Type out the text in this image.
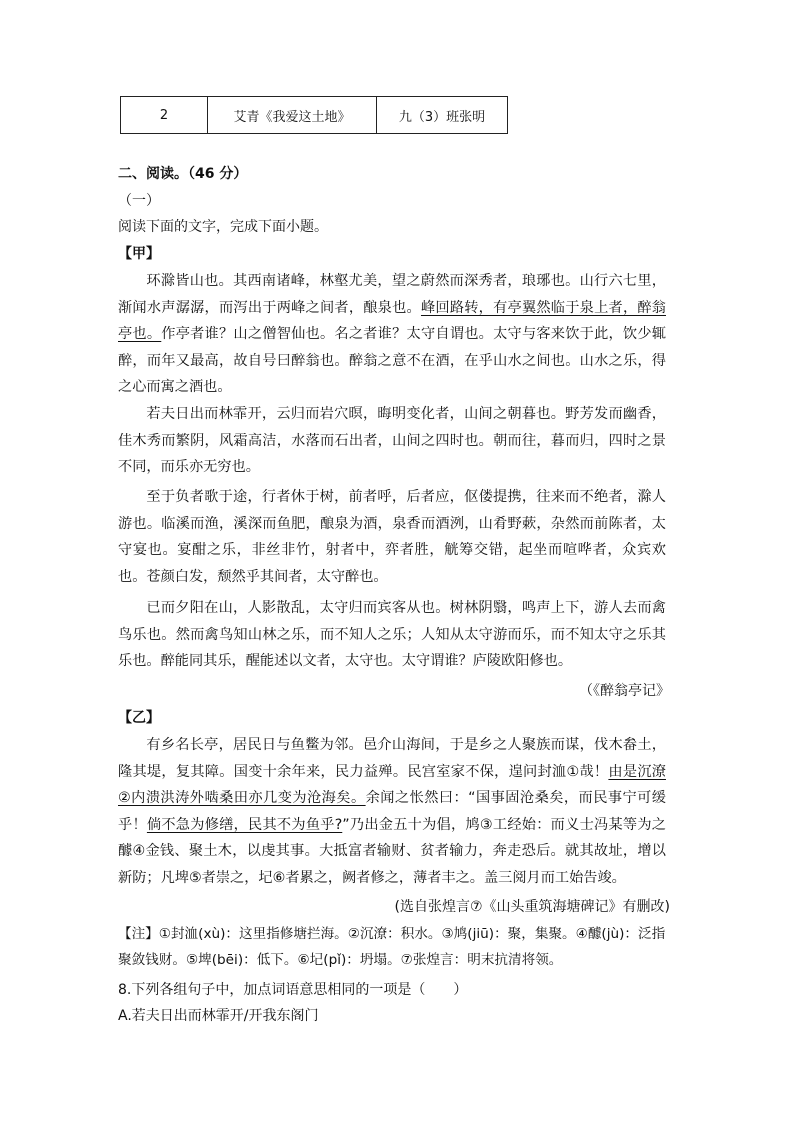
2	艾青《我爱这土地》	九（3）班张明
二、阅读。（46 分）
（一）
阅读下面的文字，完成下面小题。
【甲】
环滁皆山也。其西南诸峰，林壑尤美，望之蔚然而深秀者，琅琊也。山行六七里，渐闻水声潺潺，而泻出于两峰之间者，酿泉也。峰回路转，有亭翼然临于泉上者，醉翁亭也。作亭者谁？山之僧智仙也。名之者谁？太守自谓也。太守与客来饮于此，饮少辄醉，而年又最高，故自号曰醉翁也。醉翁之意不在酒，在乎山水之间也。山水之乐，得之心而寓之酒也。
若夫日出而林霏开，云归而岩穴暝，晦明变化者，山间之朝暮也。野芳发而幽香，佳木秀而繁阴，风霜高洁，水落而石出者，山间之四时也。朝而往，暮而归，四时之景不同，而乐亦无穷也。
至于负者歌于途，行者休于树，前者呼，后者应，伛偻提携，往来而不绝者，滁人游也。临溪而渔，溪深而鱼肥，酿泉为酒，泉香而酒洌，山肴野蔌，杂然而前陈者，太守宴也。宴酣之乐，非丝非竹，射者中，弈者胜，觥筹交错，起坐而喧哗者，众宾欢也。苍颜白发，颓然乎其间者，太守醉也。
已而夕阳在山，人影散乱，太守归而宾客从也。树林阴翳，鸣声上下，游人去而禽鸟乐也。然而禽鸟知山林之乐，而不知人之乐；人知从太守游而乐，而不知太守之乐其乐也。醉能同其乐，醒能述以文者，太守也。太守谓谁？庐陵欧阳修也。
（《醉翁亭记》
【乙】
有乡名长亭，居民日与鱼鳖为邻。邑介山海间，于是乡之人聚族而谋，伐木畚土，隆其堤，复其障。国变十余年来，民力益殚。民宫室家不保，遑问封洫①哉！由是沉潦②内溃洪涛外啮桑田亦几变为沧海矣。余闻之怅然曰：“国事固沧桑矣，而民事宁可缓乎！倘不急为修缮，民其不为鱼乎?”乃出金五十为倡，鸠③工经始：而义士冯某等为之醵④金钱、聚土木，以虔其事。大抵富者输财、贫者输力，奔走恐后。就其故址，增以新防；凡埤⑤者崇之，圮⑥者累之，阙者修之，薄者丰之。盖三阅月而工始告竣。
(选自张煌言⑦《山头重筑海塘碑记》有删改)
【注】①封洫(xù)：这里指修塘拦海。②沉潦：积水。③鸠(jiū)：聚，集聚。④醵(jù)：泛指聚敛钱财。⑤埤(bēi)：低下。⑥圮(pǐ)：坍塌。⑦张煌言：明末抗清将领。
8.下列各组句子中，加点词语意思相同的一项是（　　）
A.若夫日出而林霏开/开我东阁门
